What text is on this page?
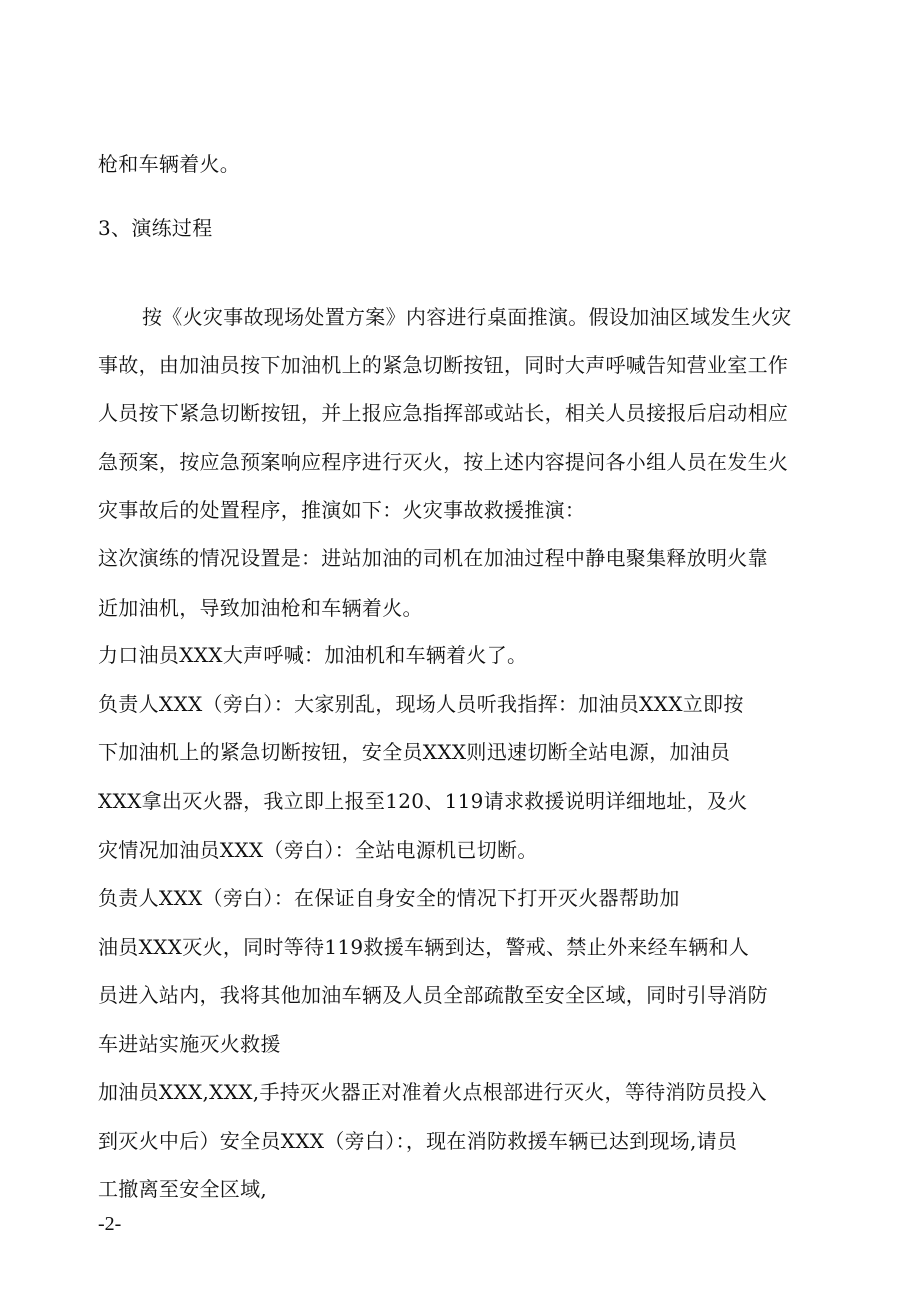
枪和车辆着火。
3、演练过程
按《火灾事故现场处置方案》内容进行桌面推演。假设加油区域发生火灾
事故，由加油员按下加油机上的紧急切断按钮，同时大声呼喊告知营业室工作
人员按下紧急切断按钮，并上报应急指挥部或站长，相关人员接报后启动相应
急预案，按应急预案响应程序进行灭火，按上述内容提问各小组人员在发生火
灾事故后的处置程序，推演如下：火灾事故救援推演：
这次演练的情况设置是：进站加油的司机在加油过程中静电聚集释放明火靠
近加油机，导致加油枪和车辆着火。
力口油员XXX大声呼喊：加油机和车辆着火了。
负责人XXX（旁白）：大家别乱，现场人员听我指挥：加油员XXX立即按
下加油机上的紧急切断按钮，安全员XXX则迅速切断全站电源，加油员
XXX拿出灭火器，我立即上报至120、119请求救援说明详细地址，及火
灾情况加油员XXX（旁白）：全站电源机已切断。
负责人XXX（旁白）：在保证自身安全的情况下打开灭火器帮助加
油员XXX灭火，同时等待119救援车辆到达，警戒、禁止外来经车辆和人
员进入站内，我将其他加油车辆及人员全部疏散至安全区域，同时引导消防
车进站实施灭火救援
加油员XXX,XXX,手持灭火器正对准着火点根部进行灭火，等待消防员投入
到灭火中后）安全员XXX（旁白）：，现在消防救援车辆已达到现场,请员
工撤离至安全区域,
-2-
